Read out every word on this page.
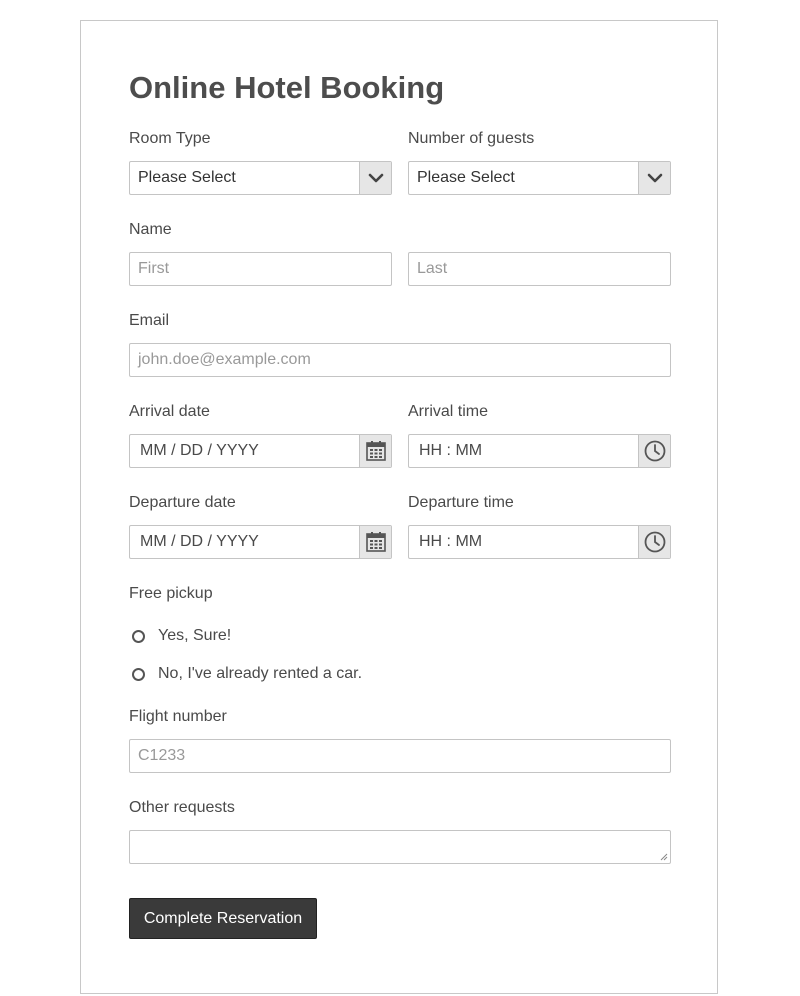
Online Hotel Booking
Room Type	Number of guests
Please Select	Please Select
Name
First	Last
Email
john.doe@example.com
Arrival date	Arrival time
MM / DD / YYYY	HH : MM
Departure date	Departure time
MM / DD / YYYY	HH : MM
Free pickup
Yes, Sure!
No, I've already rented a car.
Flight number
C1233
Other requests
Complete Reservation
